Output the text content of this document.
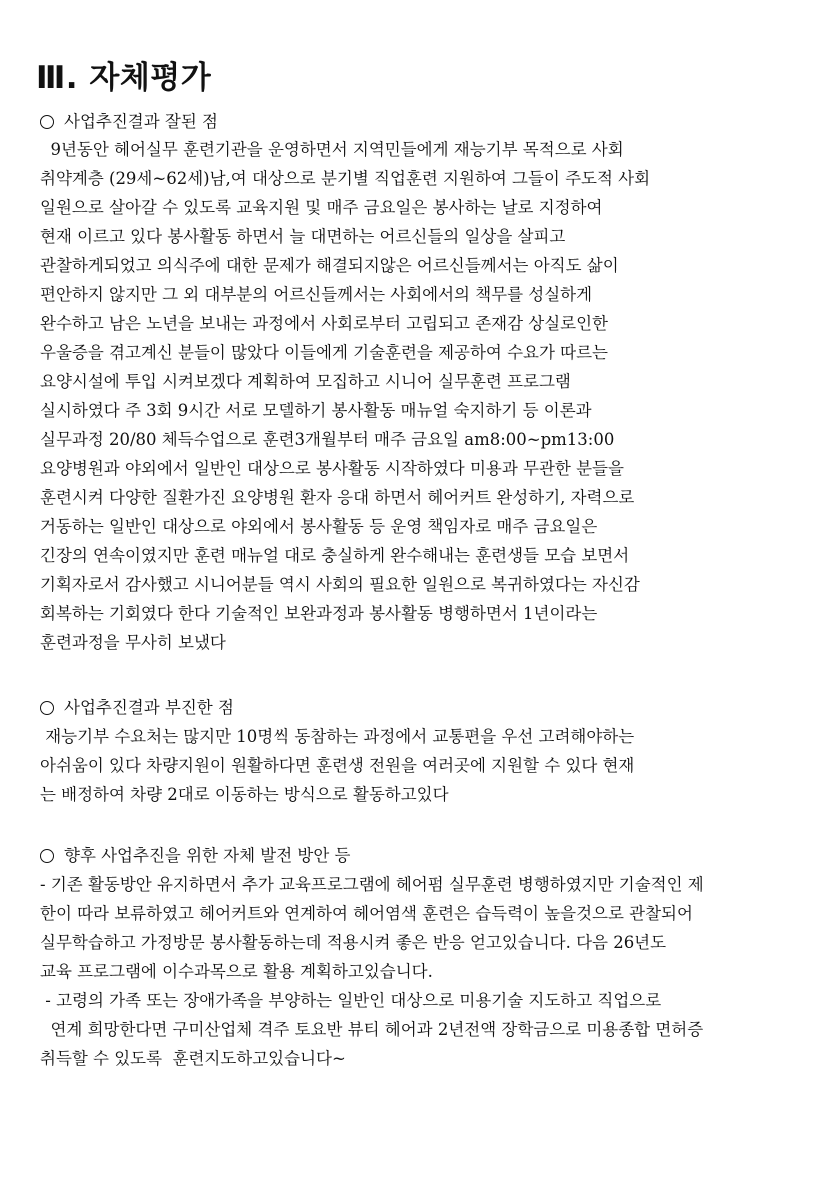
Ⅲ. 자체평가
사업추진결과 잘된 점
9년동안 헤어실무 훈련기관을 운영하면서 지역민들에게 재능기부 목적으로 사회
취약계층 (29세~62세)남,여 대상으로 분기별 직업훈련 지원하여 그들이 주도적 사회
일원으로 살아갈 수 있도록 교육지원 및 매주 금요일은 봉사하는 날로 지정하여
현재 이르고 있다 봉사활동 하면서 늘 대면하는 어르신들의 일상을 살피고
관찰하게되었고 의식주에 대한 문제가 해결되지않은 어르신들께서는 아직도 삶이
편안하지 않지만 그 외 대부분의 어르신들께서는 사회에서의 책무를 성실하게
완수하고 남은 노년을 보내는 과정에서 사회로부터 고립되고 존재감 상실로인한
우울증을 겪고계신 분들이 많았다 이들에게 기술훈련을 제공하여 수요가 따르는
요양시설에 투입 시켜보겠다 계획하여 모집하고 시니어 실무훈련 프로그램
실시하였다 주 3회 9시간 서로 모델하기 봉사활동 매뉴얼 숙지하기 등 이론과
실무과정 20/80 체득수업으로 훈련3개월부터 매주 금요일 am8:00~pm13:00
요양병원과 야외에서 일반인 대상으로 봉사활동 시작하였다 미용과 무관한 분들을
훈련시켜 다양한 질환가진 요양병원 환자 응대 하면서 헤어커트 완성하기, 자력으로
거동하는 일반인 대상으로 야외에서 봉사활동 등 운영 책임자로 매주 금요일은
긴장의 연속이였지만 훈련 매뉴얼 대로 충실하게 완수해내는 훈련생들 모습 보면서
기획자로서 감사했고 시니어분들 역시 사회의 필요한 일원으로 복귀하였다는 자신감
회복하는 기회였다 한다 기술적인 보완과정과 봉사활동 병행하면서 1년이라는
훈련과정을 무사히 보냈다
사업추진결과 부진한 점
재능기부 수요처는 많지만 10명씩 동참하는 과정에서 교통편을 우선 고려해야하는
아쉬움이 있다 차량지원이 원활하다면 훈련생 전원을 여러곳에 지원할 수 있다 현재
는 배정하여 차량 2대로 이동하는 방식으로 활동하고있다
향후 사업추진을 위한 자체 발전 방안 등
- 기존 활동방안 유지하면서 추가 교육프로그램에 헤어펌 실무훈련 병행하였지만 기술적인 제
한이 따라 보류하였고 헤어커트와 연계하여 헤어염색 훈련은 습득력이 높을것으로 관찰되어
실무학습하고 가정방문 봉사활동하는데 적용시켜 좋은 반응 얻고있습니다. 다음 26년도
교육 프로그램에 이수과목으로 활용 계획하고있습니다.
- 고령의 가족 또는 장애가족을 부양하는 일반인 대상으로 미용기술 지도하고 직업으로
연계 희망한다면 구미산업체 격주 토요반 뷰티 헤어과 2년전액 장학금으로 미용종합 면허증
취득할 수 있도록  훈련지도하고있습니다~
